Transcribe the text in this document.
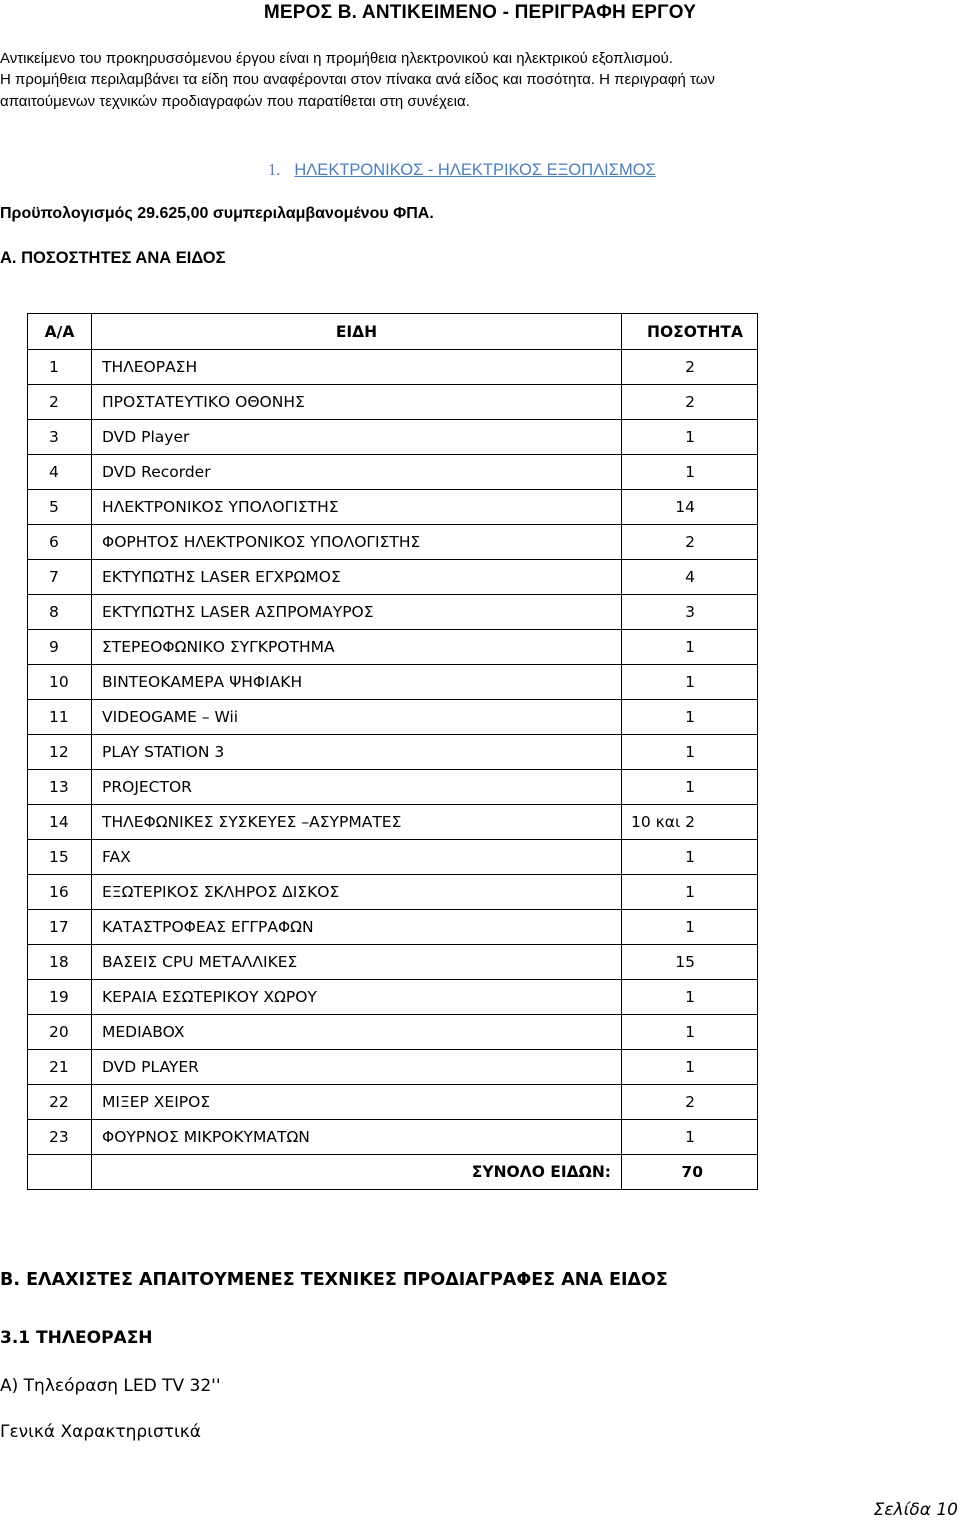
ΜΕΡΟΣ Β. ΑΝΤΙΚΕΙΜΕΝΟ - ΠΕΡΙΓΡΑΦΗ ΕΡΓΟΥ
Αντικείμενο του προκηρυσσόμενου έργου είναι η προμήθεια ηλεκτρονικού και ηλεκτρικού εξοπλισμού.
Η προμήθεια περιλαμβάνει τα είδη που αναφέρονται στον πίνακα ανά είδος και ποσότητα. Η περιγραφή των
απαιτούμενων τεχνικών προδιαγραφών που παρατίθεται στη συνέχεια.
1. ΗΛΕΚΤΡΟΝΙΚΟΣ - ΗΛΕΚΤΡΙΚΟΣ ΕΞΟΠΛΙΣΜΟΣ
Προϋπολογισμός 29.625,00 συμπεριλαμβανομένου ΦΠΑ.
Α. ΠΟΣΟΣΤΗΤΕΣ ΑΝΑ ΕΙΔΟΣ
Α/Α	ΕΙΔΗ	ΠΟΣΟΤΗΤΑ
1	ΤΗΛΕΟΡΑΣΗ	2
2	ΠΡΟΣΤΑΤΕΥΤΙΚΟ ΟΘΟΝΗΣ	2
3	DVD Player	1
4	DVD Recorder	1
5	ΗΛΕΚΤΡΟΝΙΚΟΣ ΥΠΟΛΟΓΙΣΤΗΣ	14
6	ΦΟΡΗΤΟΣ ΗΛΕΚΤΡΟΝΙΚΟΣ ΥΠΟΛΟΓΙΣΤΗΣ	2
7	ΕΚΤΥΠΩΤΗΣ LASER ΕΓΧΡΩΜΟΣ	4
8	ΕΚΤΥΠΩΤΗΣ LASER ΑΣΠΡΟΜΑΥΡΟΣ	3
9	ΣΤΕΡΕΟΦΩΝΙΚΟ ΣΥΓΚΡΟΤΗΜΑ	1
10	ΒΙΝΤΕΟΚΑΜΕΡΑ ΨΗΦΙΑΚΗ	1
11	VIDEOGAME – Wii	1
12	PLAY STATION 3	1
13	PROJECTOR	1
14	ΤΗΛΕΦΩΝΙΚΕΣ ΣΥΣΚΕΥΕΣ –ΑΣΥΡΜΑΤΕΣ	10 και 2
15	FAX	1
16	ΕΞΩΤΕΡΙΚΟΣ ΣΚΛΗΡΟΣ ΔΙΣΚΟΣ	1
17	ΚΑΤΑΣΤΡΟΦΕΑΣ ΕΓΓΡΑΦΩΝ	1
18	ΒΑΣΕΙΣ CPU ΜΕΤΑΛΛΙΚΕΣ	15
19	ΚΕΡΑΙΑ ΕΣΩΤΕΡΙΚΟΥ ΧΩΡΟΥ	1
20	MEDIABOX	1
21	DVD PLAYER	1
22	ΜΙΞΕΡ ΧΕΙΡΟΣ	2
23	ΦΟΥΡΝΟΣ ΜΙΚΡΟΚΥΜΑΤΩΝ	1
	ΣΥΝΟΛΟ ΕΙΔΩΝ:	70
Β. ΕΛΑΧΙΣΤΕΣ ΑΠΑΙΤΟΥΜΕΝΕΣ ΤΕΧΝΙΚΕΣ ΠΡΟΔΙΑΓΡΑΦΕΣ ΑΝΑ ΕΙΔΟΣ
3.1 ΤΗΛΕΟΡΑΣΗ
Α) Τηλεόραση LED TV 32''
Γενικά Χαρακτηριστικά
Σελίδα 10
